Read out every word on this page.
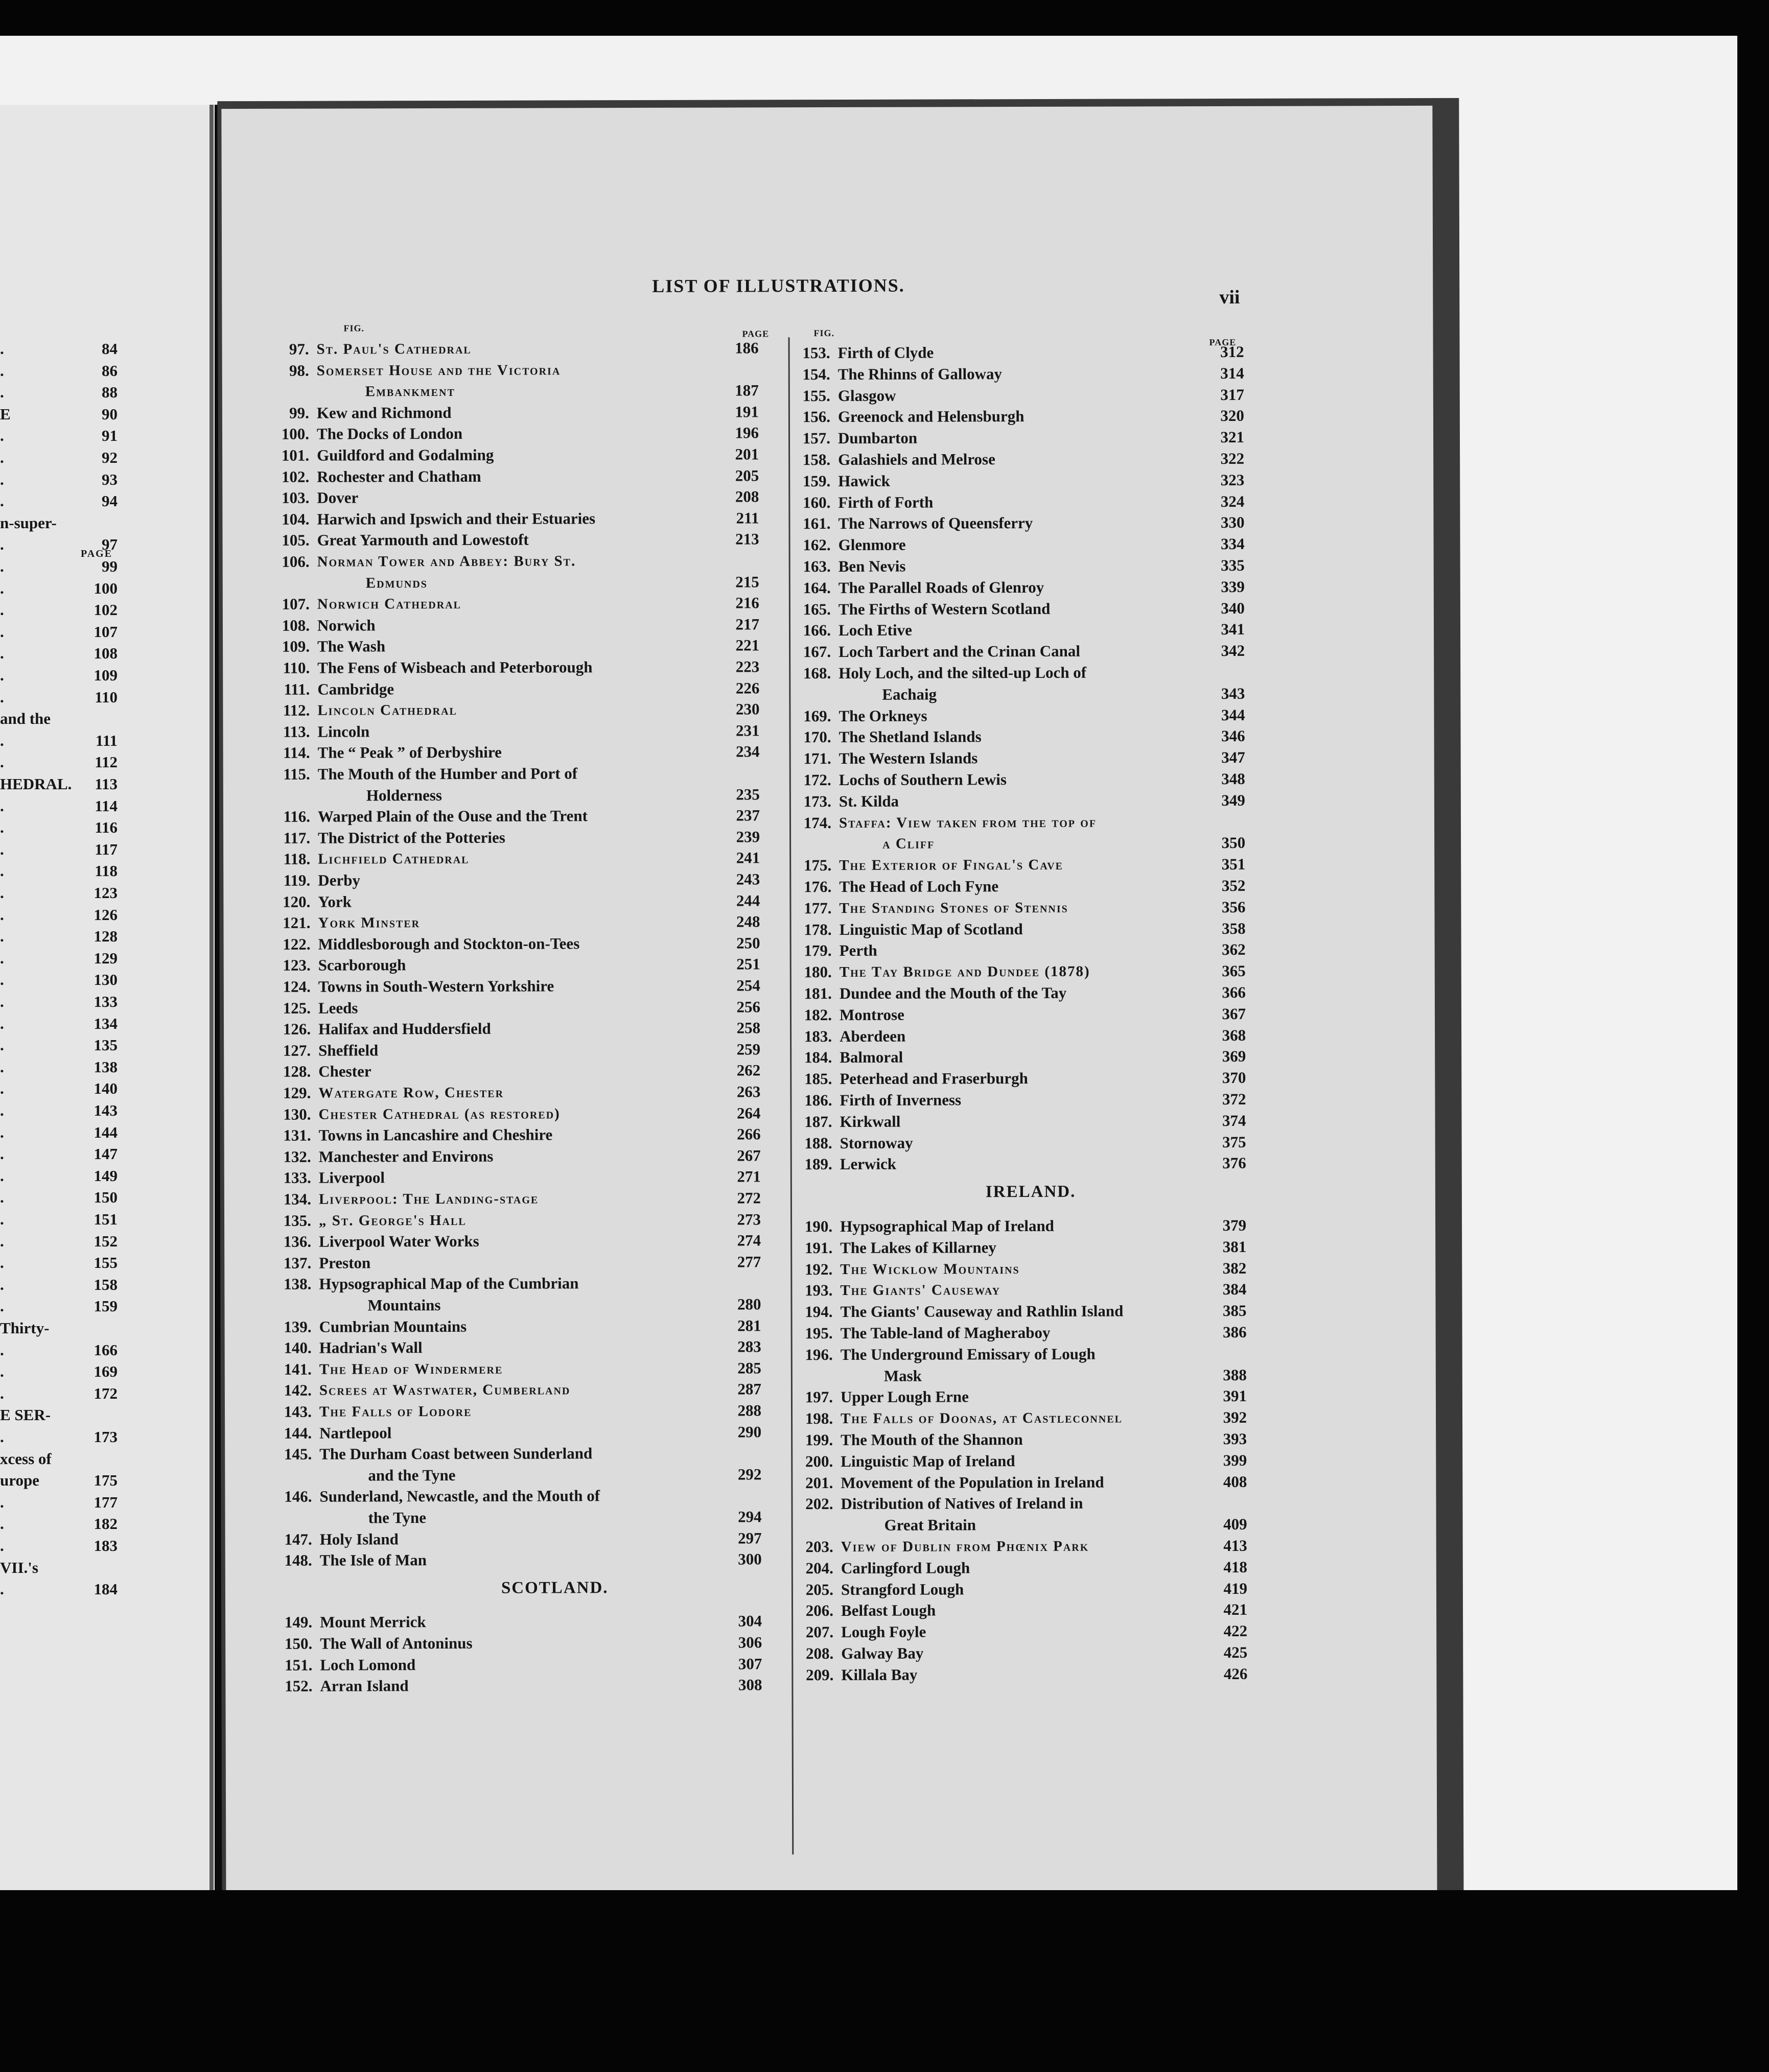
PAGE
.	84
.	86
.	88
E	90
.	91
.	92
.	93
.	94
n-super-
.	97
.	99
.	100
.	102
.	107
.	108
.	109
.	110
and the
.	111
.	112
HEDRAL. 113
.	114
.	116
.	117
.	118
.	123
.	126
.	128
.	129
.	130
.	133
.	134
.	135
.	138
.	140
.	143
.	144
.	147
.	149
.	150
.	151
.	152
.	155
.	158
.	159
Thirty-
.	166
.	169
.	172
E SER-
.	173
xcess of
urope	175
.	177
.	182
.	183
VII.'s
.	184
LIST OF ILLUSTRATIONS.
vii
FIG.
PAGE	FIG.
PAGE
97. St. Paul's Cathedral	186
98. Somerset House and the Victoria
Embankment	187
99. Kew and Richmond	191
100. The Docks of London	196
101. Guildford and Godalming	201
102. Rochester and Chatham	205
103. Dover	208
104. Harwich and Ipswich and their Estuaries	211
105. Great Yarmouth and Lowestoft	213
106. Norman Tower and Abbey: Bury St.
Edmunds	215
107. Norwich Cathedral	216
108. Norwich	217
109. The Wash	221
110. The Fens of Wisbeach and Peterborough	223
111. Cambridge	226
112. Lincoln Cathedral	230
113. Lincoln	231
114. The “ Peak ” of Derbyshire	234
115. The Mouth of the Humber and Port of
Holderness	235
116. Warped Plain of the Ouse and the Trent	237
117. The District of the Potteries	239
118. Lichfield Cathedral	241
119. Derby	243
120. York	244
121. York Minster	248
122. Middlesborough and Stockton-on-Tees	250
123. Scarborough	251
124. Towns in South-Western Yorkshire	254
125. Leeds	256
126. Halifax and Huddersfield	258
127. Sheffield	259
128. Chester	262
129. Watergate Row, Chester	263
130. Chester Cathedral (as restored)	264
131. Towns in Lancashire and Cheshire	266
132. Manchester and Environs	267
133. Liverpool	271
134. Liverpool: The Landing-stage	272
135. „ St. George's Hall	273
136. Liverpool Water Works	274
137. Preston	277
138. Hypsographical Map of the Cumbrian
Mountains	280
139. Cumbrian Mountains	281
140. Hadrian's Wall	283
141. The Head of Windermere	285
142. Screes at Wastwater, Cumberland	287
143. The Falls of Lodore	288
144. Nartlepool	290
145. The Durham Coast between Sunderland
and the Tyne	292
146. Sunderland, Newcastle, and the Mouth of
the Tyne	294
147. Holy Island	297
148. The Isle of Man	300
SCOTLAND.
149. Mount Merrick	304
150. The Wall of Antoninus	306
151. Loch Lomond	307
152. Arran Island	308
153. Firth of Clyde	312
154. The Rhinns of Galloway	314
155. Glasgow	317
156. Greenock and Helensburgh	320
157. Dumbarton	321
158. Galashiels and Melrose	322
159. Hawick	323
160. Firth of Forth	324
161. The Narrows of Queensferry	330
162. Glenmore	334
163. Ben Nevis	335
164. The Parallel Roads of Glenroy	339
165. The Firths of Western Scotland	340
166. Loch Etive	341
167. Loch Tarbert and the Crinan Canal	342
168. Holy Loch, and the silted-up Loch of
Eachaig	343
169. The Orkneys	344
170. The Shetland Islands	346
171. The Western Islands	347
172. Lochs of Southern Lewis	348
173. St. Kilda	349
174. Staffa: View taken from the top of
a Cliff	350
175. The Exterior of Fingal's Cave	351
176. The Head of Loch Fyne	352
177. The Standing Stones of Stennis	356
178. Linguistic Map of Scotland	358
179. Perth	362
180. The Tay Bridge and Dundee (1878)	365
181. Dundee and the Mouth of the Tay	366
182. Montrose	367
183. Aberdeen	368
184. Balmoral	369
185. Peterhead and Fraserburgh	370
186. Firth of Inverness	372
187. Kirkwall	374
188. Stornoway	375
189. Lerwick	376
IRELAND.
190. Hypsographical Map of Ireland	379
191. The Lakes of Killarney	381
192. The Wicklow Mountains	382
193. The Giants' Causeway	384
194. The Giants' Causeway and Rathlin Island	385
195. The Table-land of Magheraboy	386
196. The Underground Emissary of Lough
Mask	388
197. Upper Lough Erne	391
198. The Falls of Doonas, at Castleconnel	392
199. The Mouth of the Shannon	393
200. Linguistic Map of Ireland	399
201. Movement of the Population in Ireland	408
202. Distribution of Natives of Ireland in
Great Britain	409
203. View of Dublin from Phœnix Park	413
204. Carlingford Lough	418
205. Strangford Lough	419
206. Belfast Lough	421
207. Lough Foyle	422
208. Galway Bay	425
209. Killala Bay	426
